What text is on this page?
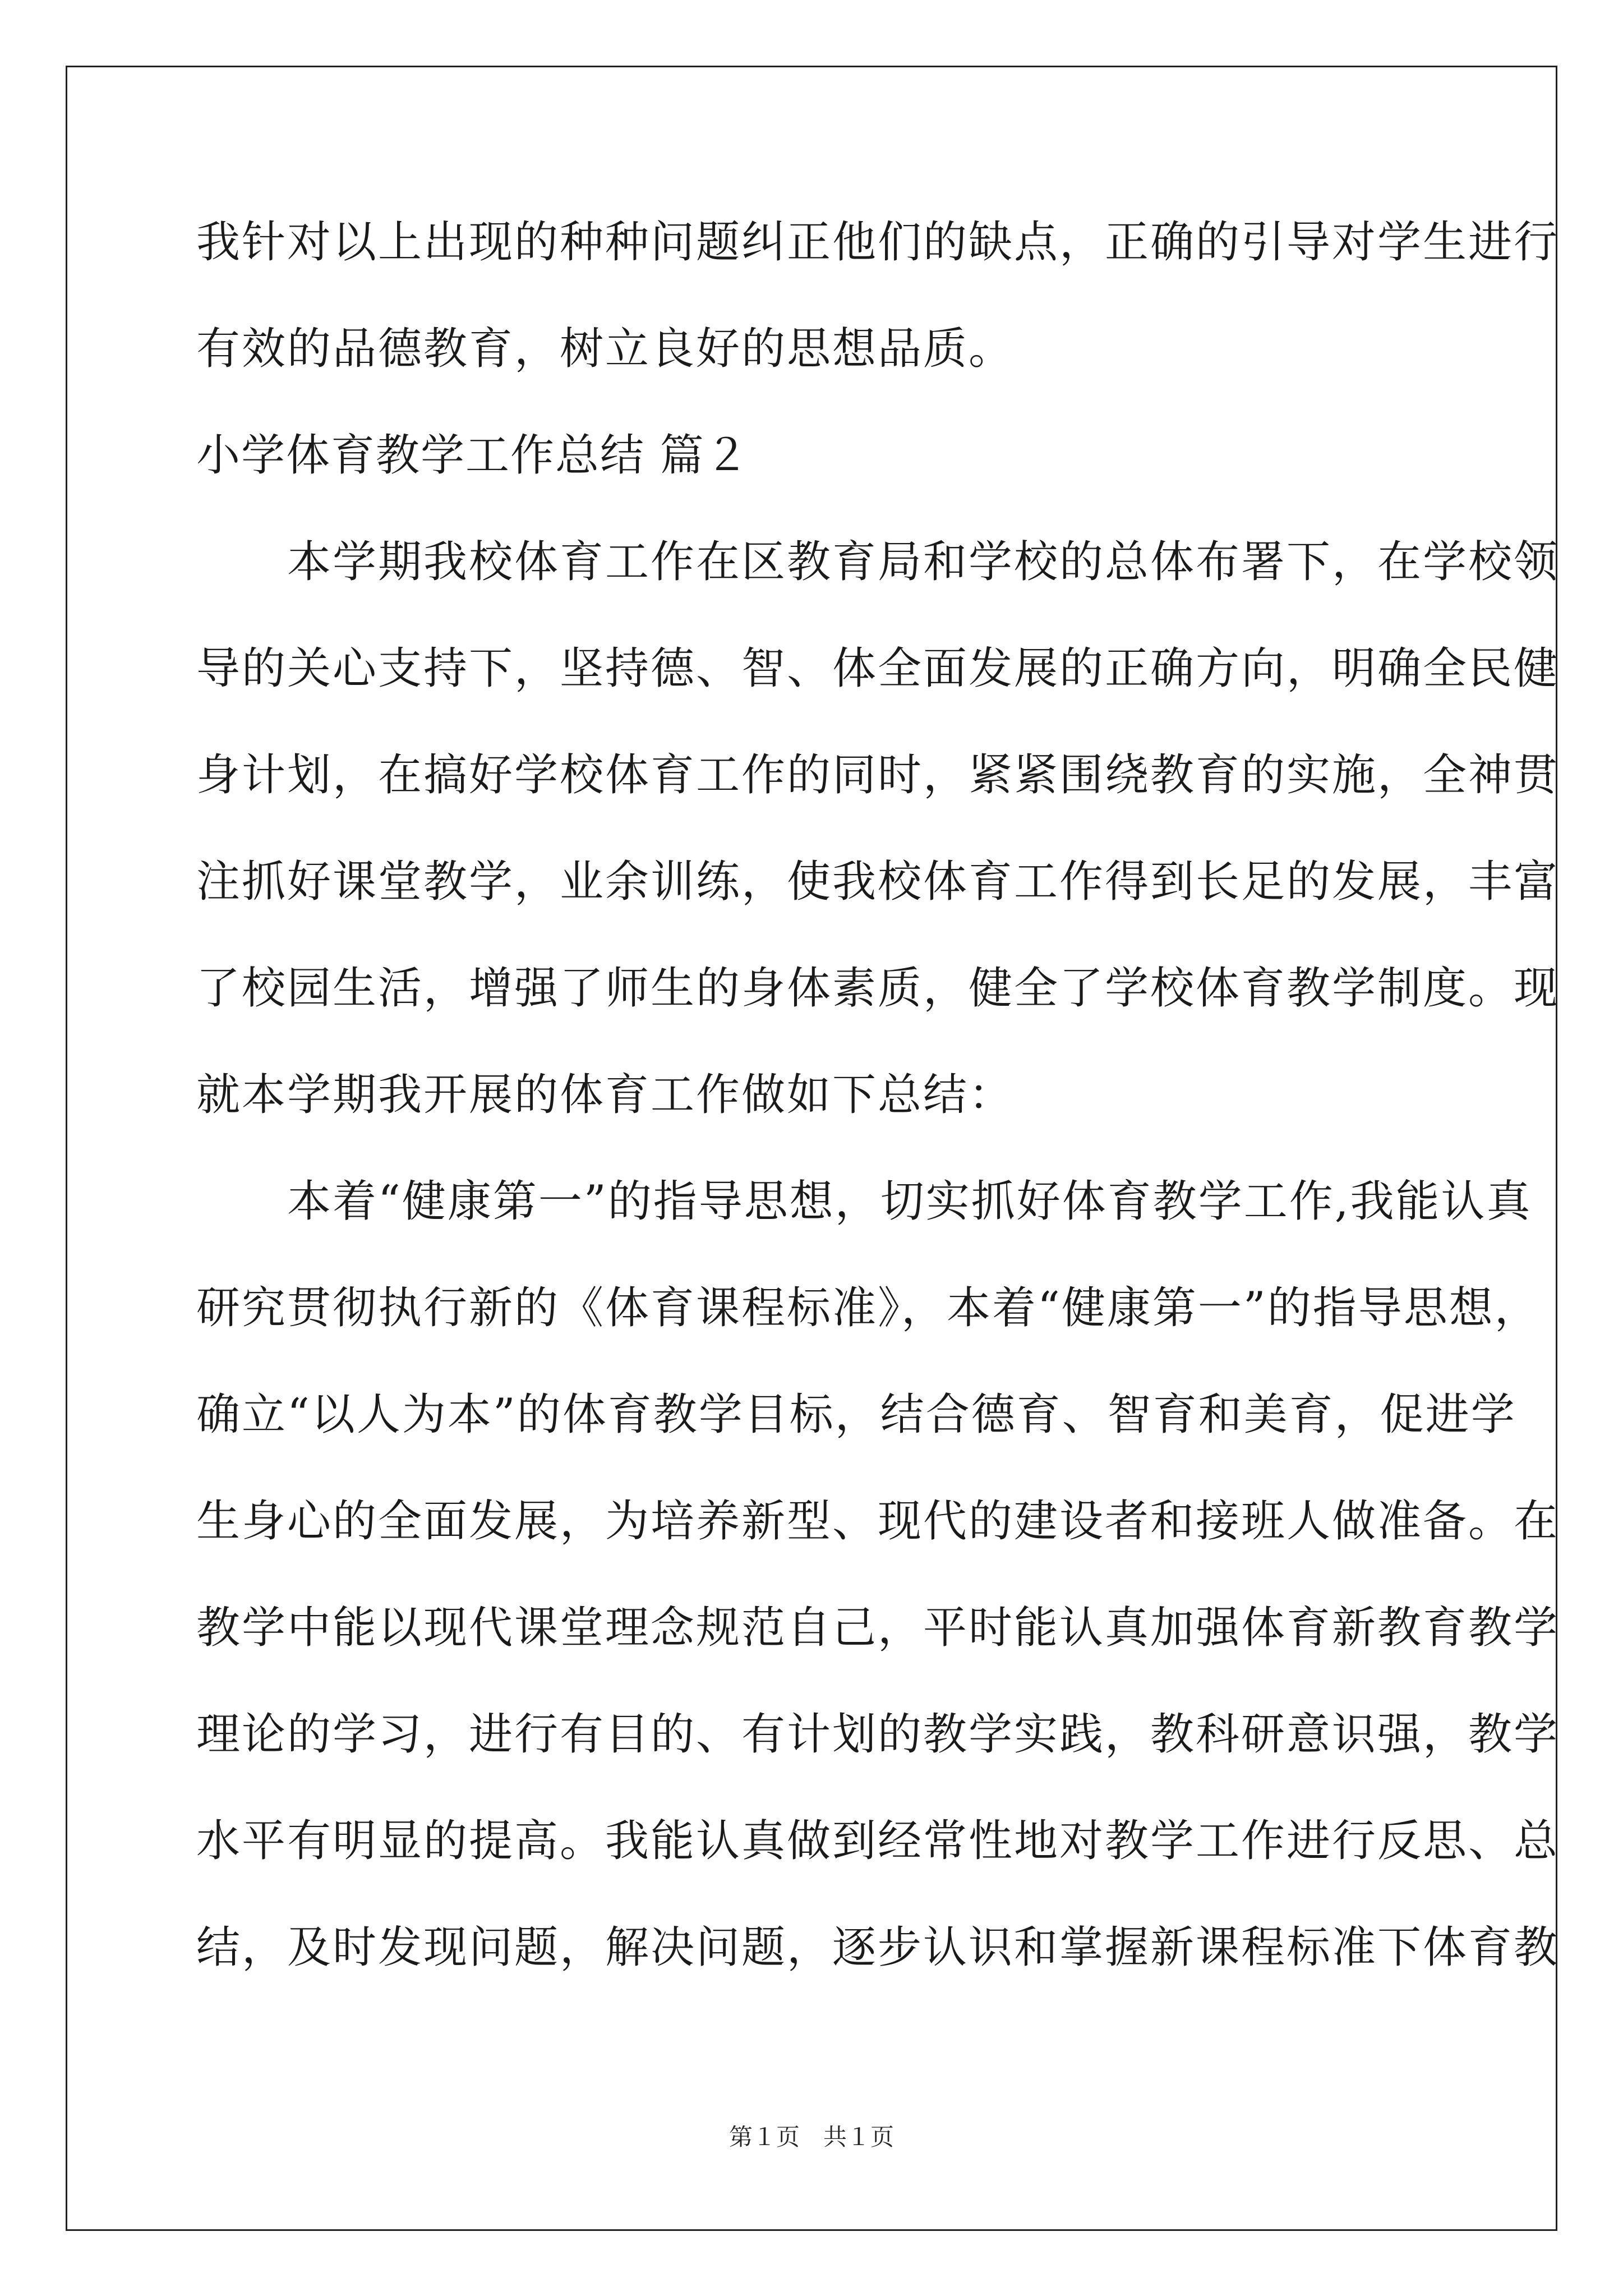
我针对以上出现的种种问题纠正他们的缺点，正确的引导对学生进行
有效的品德教育，树立良好的思想品质。
小学体育教学工作总结 篇２
　　本学期我校体育工作在区教育局和学校的总体布署下，在学校领
导的关心支持下，坚持德、智、体全面发展的正确方向，明确全民健
身计划，在搞好学校体育工作的同时，紧紧围绕教育的实施，全神贯
注抓好课堂教学，业余训练，使我校体育工作得到长足的发展，丰富
了校园生活，增强了师生的身体素质，健全了学校体育教学制度。现
就本学期我开展的体育工作做如下总结：
　　本着“健康第一”的指导思想，切实抓好体育教学工作,我能认真
研究贯彻执行新的《体育课程标准》，本着“健康第一”的指导思想，
确立“以人为本”的体育教学目标，结合德育、智育和美育，促进学
生身心的全面发展，为培养新型、现代的建设者和接班人做准备。在
教学中能以现代课堂理念规范自己，平时能认真加强体育新教育教学
理论的学习，进行有目的、有计划的教学实践，教科研意识强，教学
水平有明显的提高。我能认真做到经常性地对教学工作进行反思、总
结，及时发现问题，解决问题，逐步认识和掌握新课程标准下体育教
第１页　共１页
